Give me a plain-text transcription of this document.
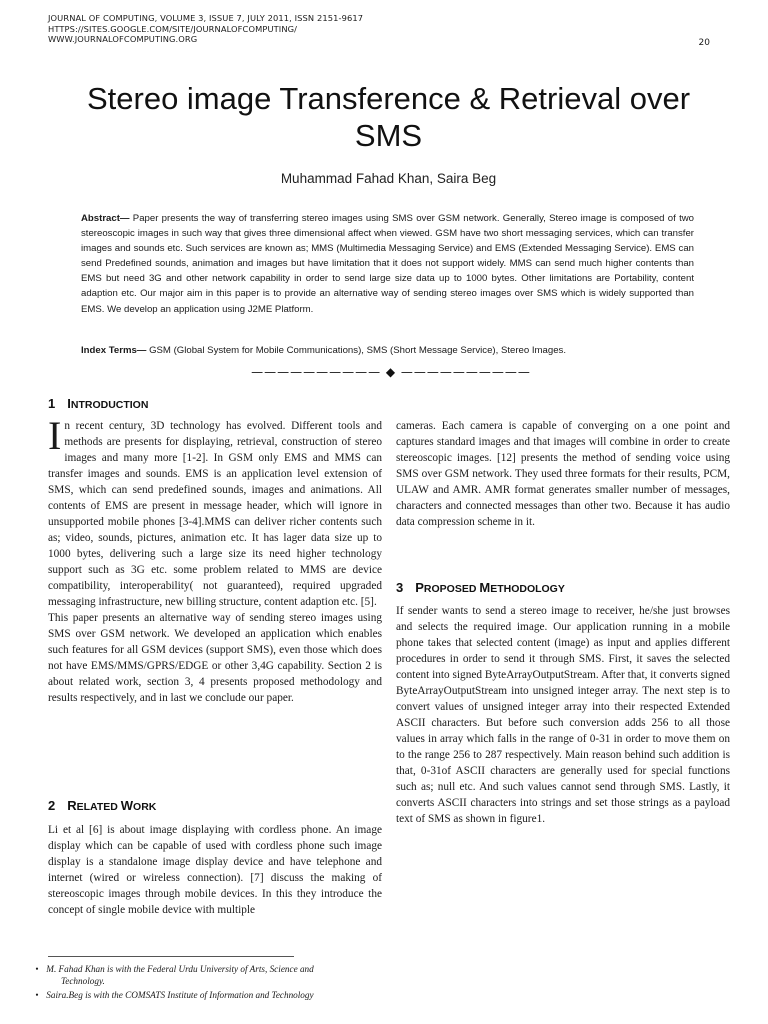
JOURNAL OF COMPUTING, VOLUME 3, ISSUE 7, JULY 2011, ISSN 2151-9617
HTTPS://SITES.GOOGLE.COM/SITE/JOURNALOFCOMPUTING/
WWW.JOURNALOFCOMPUTING.ORG	20
Stereo image Transference & Retrieval over
SMS
Muhammad Fahad Khan, Saira Beg
Abstract— Paper presents the way of transferring stereo images using SMS over GSM network. Generally, Stereo image is composed of two stereoscopic images in such way that gives three dimensional affect when viewed. GSM have two short messaging services, which can transfer images and sounds etc. Such services are known as; MMS (Multimedia Messaging Service) and EMS (Extended Messaging Service). EMS can send Predefined sounds, animation and images but have limitation that it does not support widely. MMS can send much higher contents than EMS but need 3G and other network capability in order to send large size data up to 1000 bytes. Other limitations are Portability, content adaption etc. Our major aim in this paper is to provide an alternative way of sending stereo images over SMS which is widely supported than EMS. We develop an application using J2ME Platform.
Index Terms— GSM (Global System for Mobile Communications), SMS (Short Message Service), Stereo Images.
—————————— ◆ ——————————
1 INTRODUCTION

In recent century, 3D technology has evolved. Different tools and methods are presents for displaying, retrieval, construction of stereo images and many more [1-2]. In GSM only EMS and MMS can transfer images and sounds. EMS is an application level extension of SMS, which can send predefined sounds, images and animations. All contents of EMS are present in message header, which will ignore in unsupported mobile phones [3-4].MMS can deliver richer contents such as; video, sounds, pictures, animation etc. It has lager data size up to 1000 bytes, delivering such a large size its need higher technology support such as 3G etc. some problem related to MMS are device compatibility, interoperability( not guaranteed), required upgraded messaging infrastructure, new billing structure, content adaption etc. [5].

This paper presents an alternative way of sending stereo images using SMS over GSM network. We developed an application which enables such features for all GSM devices (support SMS), even those which does not have EMS/MMS/GPRS/EDGE or other 3,4G capability. Section 2 is about related work, section 3, 4 presents proposed methodology and results respectively, and in last we conclude our paper.

2 RELATED WORK

Li et al [6] is about image displaying with cordless phone. An image display which can be capable of used with cordless phone such image display is a standalone image display device and have telephone and internet (wired or wireless connection). [7] discuss the making of stereoscopic images through mobile devices. In this they introduce the concept of single mobile device with multiple

cameras. Each camera is capable of converging on a one point and captures standard images and that images will combine in order to create stereoscopic images. [12] presents the method of sending voice using SMS over GSM network. They used three formats for their results, PCM, ULAW and AMR. AMR format generates smaller number of messages, characters and connected messages than other two. Because it has audio data compression scheme in it.

3 PROPOSED METHODOLOGY

If sender wants to send a stereo image to receiver, he/she just browses and selects the required image. Our application running in a mobile phone takes that selected content (image) as input and applies different procedures in order to send it through SMS. First, it saves the selected content into signed ByteArrayOutputStream. After that, it converts signed ByteArrayOutputStream into unsigned integer array. The next step is to convert values of unsigned integer array into their respected Extended ASCII characters. But before such conversion adds 256 to all those values in array which falls in the range of 0-31 in order to move them on to the range 256 to 287 respectively. Main reason behind such addition is that, 0-31of ASCII characters are generally used for special functions such as; null etc. And such values cannot send through SMS. Lastly, it converts ASCII characters into strings and set those strings as a payload text of SMS as shown in figure1.

• M. Fahad Khan is with the Federal Urdu University of Arts, Science and
Technology.
• Saira.Beg is with the COMSATS Institute of Information and Technology
